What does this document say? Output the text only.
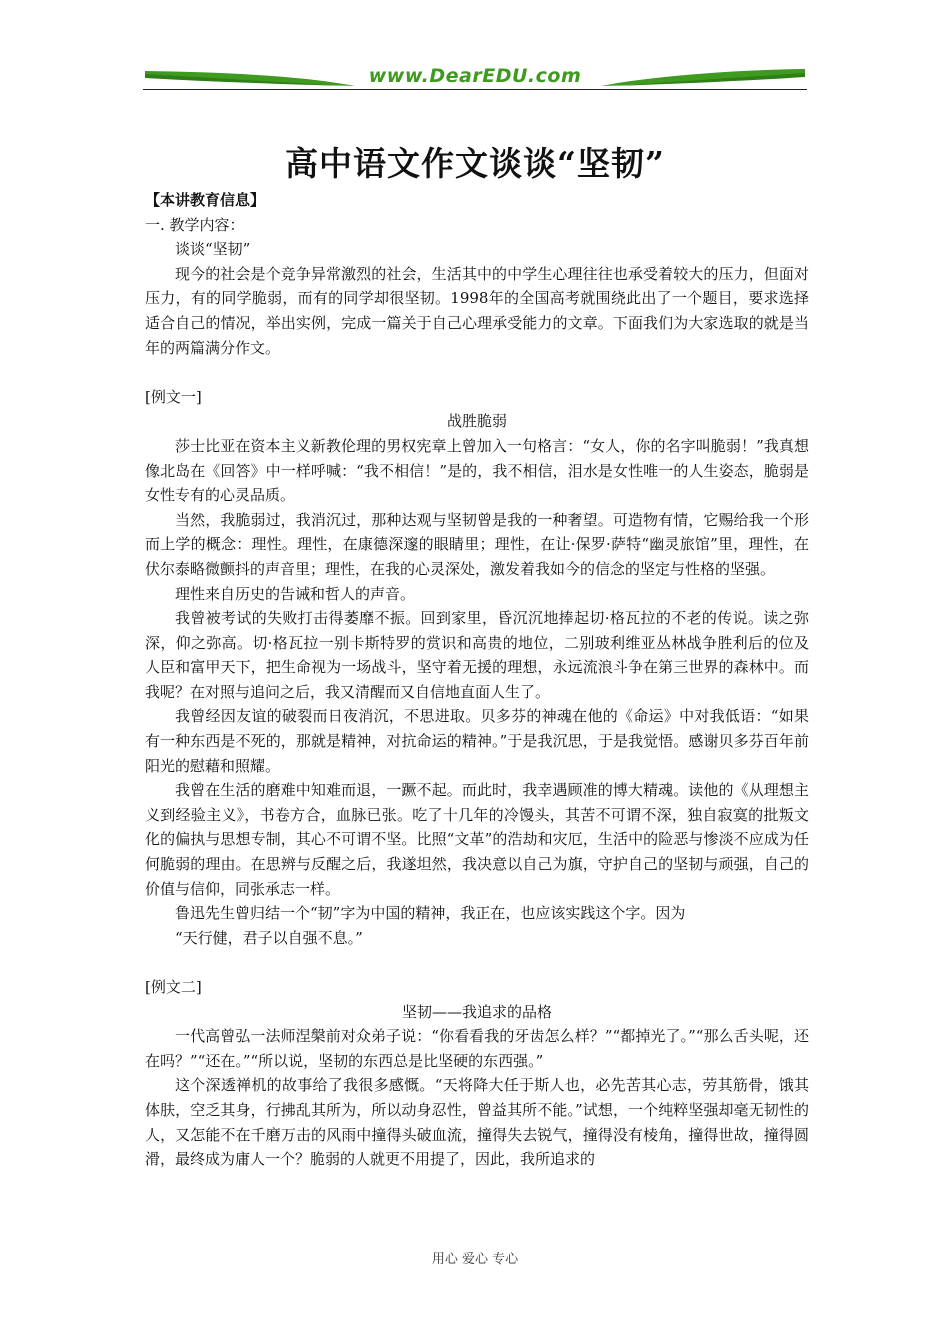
www.DearEDU.com
高中语文作文谈谈“坚韧”

【本讲教育信息】

一. 教学内容：

谈谈“坚韧”

现今的社会是个竞争异常激烈的社会，生活其中的中学生心理往往也承受着较大的压力，但面对压力，有的同学脆弱，而有的同学却很坚韧。1998年的全国高考就围绕此出了一个题目，要求选择适合自己的情况，举出实例，完成一篇关于自己心理承受能力的文章。下面我们为大家选取的就是当年的两篇满分作文。

[例文一]

战胜脆弱

莎士比亚在资本主义新教伦理的男权宪章上曾加入一句格言：“女人，你的名字叫脆弱！”我真想像北岛在《回答》中一样呼喊：“我不相信！”是的，我不相信，泪水是女性唯一的人生姿态，脆弱是女性专有的心灵品质。

当然，我脆弱过，我消沉过，那种达观与坚韧曾是我的一种奢望。可造物有情，它赐给我一个形而上学的概念：理性。理性，在康德深邃的眼睛里；理性，在让·保罗·萨特“幽灵旅馆”里，理性，在伏尔泰略微颤抖的声音里；理性，在我的心灵深处，激发着我如今的信念的坚定与性格的坚强。

理性来自历史的告诫和哲人的声音。

我曾被考试的失败打击得萎靡不振。回到家里，昏沉沉地捧起切·格瓦拉的不老的传说。读之弥深，仰之弥高。切·格瓦拉一别卡斯特罗的赏识和高贵的地位，二别玻利维亚丛林战争胜利后的位及人臣和富甲天下，把生命视为一场战斗，坚守着无援的理想，永远流浪斗争在第三世界的森林中。而我呢？在对照与追问之后，我又清醒而又自信地直面人生了。

我曾经因友谊的破裂而日夜消沉，不思进取。贝多芬的神魂在他的《命运》中对我低语：“如果有一种东西是不死的，那就是精神，对抗命运的精神。”于是我沉思，于是我觉悟。感谢贝多芬百年前阳光的慰藉和照耀。

我曾在生活的磨难中知难而退，一蹶不起。而此时，我幸遇顾准的博大精魂。读他的《从理想主义到经验主义》，书卷方合，血脉已张。吃了十几年的冷馒头，其苦不可谓不深，独自寂寞的批叛文化的偏执与思想专制，其心不可谓不坚。比照“文革”的浩劫和灾厄，生活中的险恶与惨淡不应成为任何脆弱的理由。在思辨与反醒之后，我遂坦然，我决意以自己为旗，守护自己的坚韧与顽强，自己的价值与信仰，同张承志一样。

鲁迅先生曾归结一个“韧”字为中国的精神，我正在，也应该实践这个字。因为

“天行健，君子以自强不息。”

[例文二]

坚韧——我追求的品格

一代高曾弘一法师涅槃前对众弟子说：“你看看我的牙齿怎么样？”“都掉光了。”“那么舌头呢，还在吗？”“还在。”“所以说，坚韧的东西总是比坚硬的东西强。”

这个深透禅机的故事给了我很多感慨。“天将降大任于斯人也，必先苦其心志，劳其筋骨，饿其体肤，空乏其身，行拂乱其所为，所以动身忍性，曾益其所不能。”试想，一个纯粹坚强却毫无韧性的人，又怎能不在千磨万击的风雨中撞得头破血流，撞得失去锐气，撞得没有棱角，撞得世故，撞得圆滑，最终成为庸人一个？脆弱的人就更不用提了，因此，我所追求的

用心 爱心 专心
